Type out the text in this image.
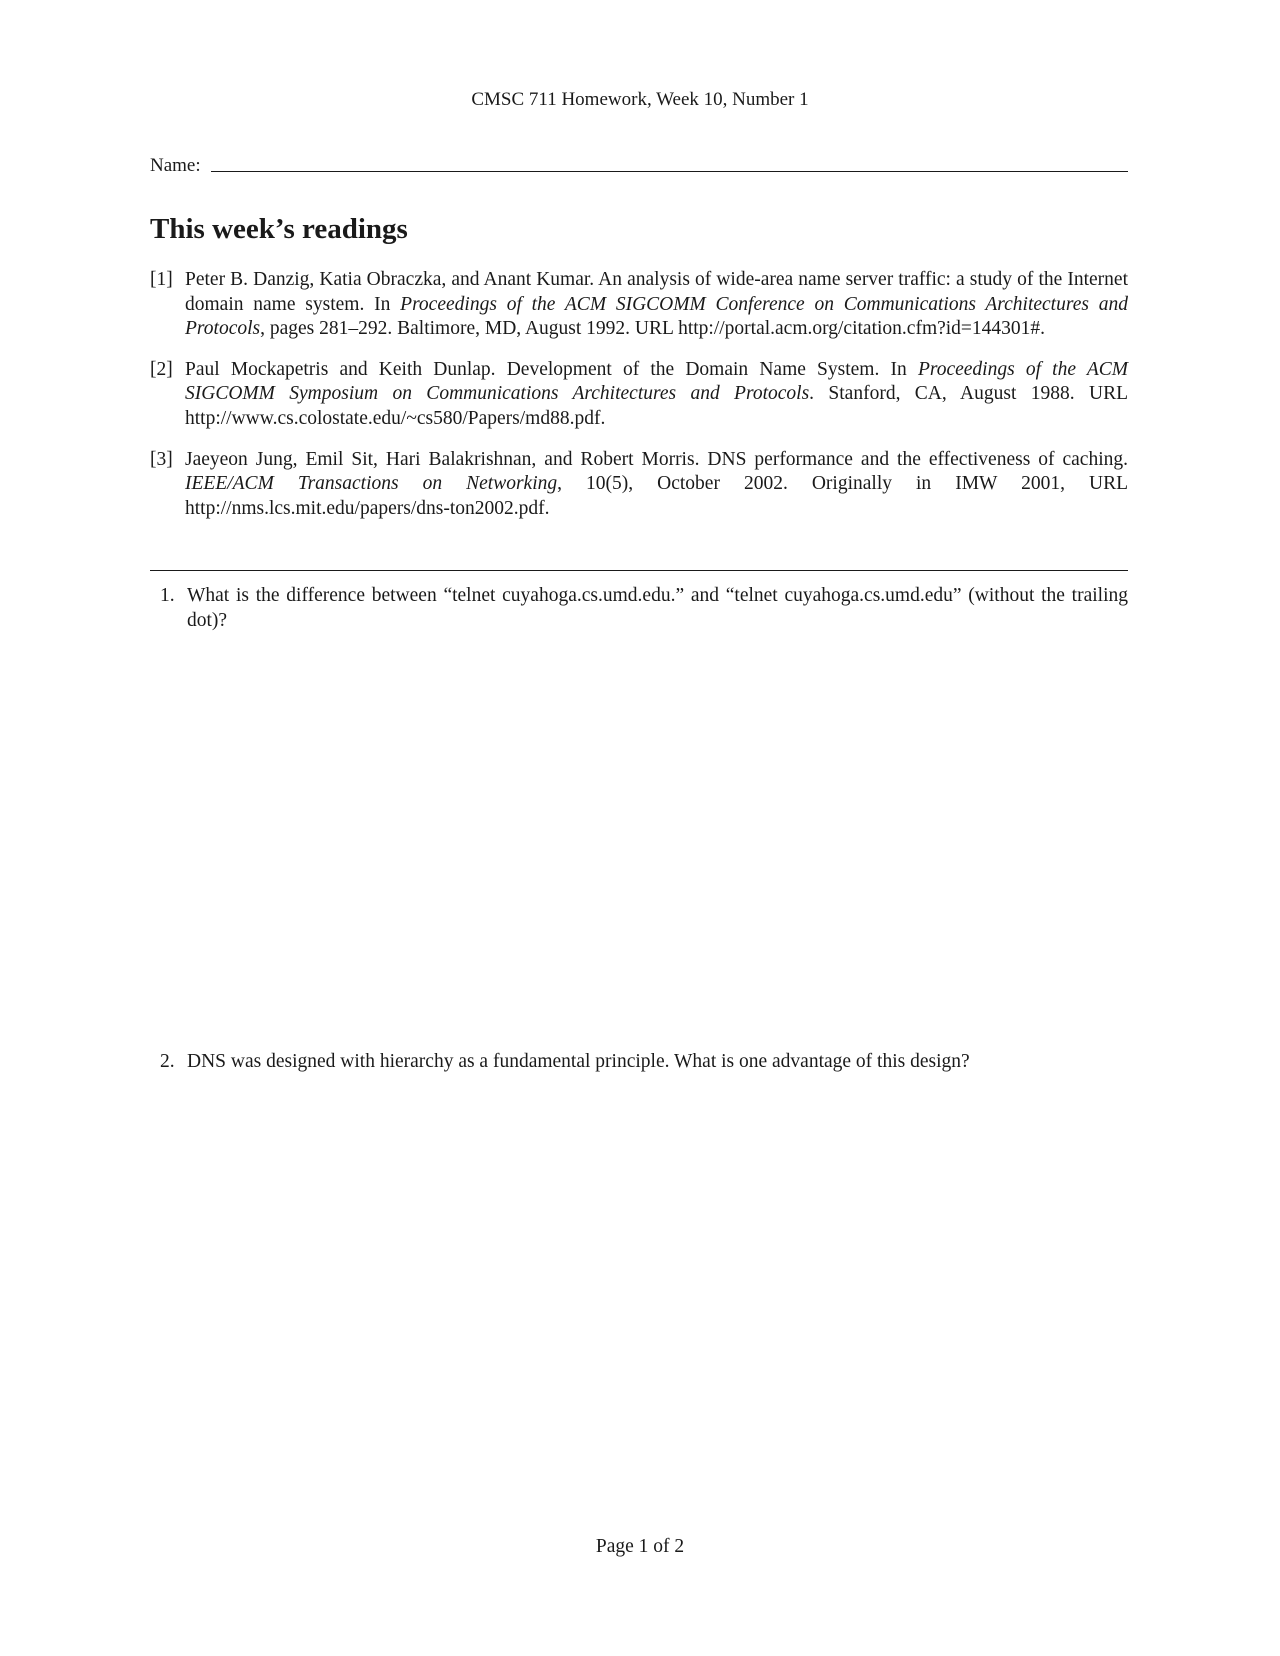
CMSC 711 Homework, Week 10, Number 1
Name:
This week’s readings
[1] Peter B. Danzig, Katia Obraczka, and Anant Kumar. An analysis of wide-area name server traffic: a study of the Internet domain name system. In Proceedings of the ACM SIGCOMM Conference on Communications Architectures and Protocols, pages 281–292. Baltimore, MD, August 1992. URL http://portal.acm.org/citation.cfm?id=144301#.
[2] Paul Mockapetris and Keith Dunlap. Development of the Domain Name System. In Proceedings of the ACM SIGCOMM Symposium on Communications Architectures and Protocols. Stanford, CA, August 1988. URL http://www.cs.colostate.edu/~cs580/Papers/md88.pdf.
[3] Jaeyeon Jung, Emil Sit, Hari Balakrishnan, and Robert Morris. DNS performance and the effectiveness of caching. IEEE/ACM Transactions on Networking, 10(5), October 2002. Originally in IMW 2001, URL http://nms.lcs.mit.edu/papers/dns-ton2002.pdf.
1. What is the difference between “telnet cuyahoga.cs.umd.edu.” and “telnet cuyahoga.cs.umd.edu” (without the trailing dot)?
2. DNS was designed with hierarchy as a fundamental principle. What is one advantage of this design?
Page 1 of 2
